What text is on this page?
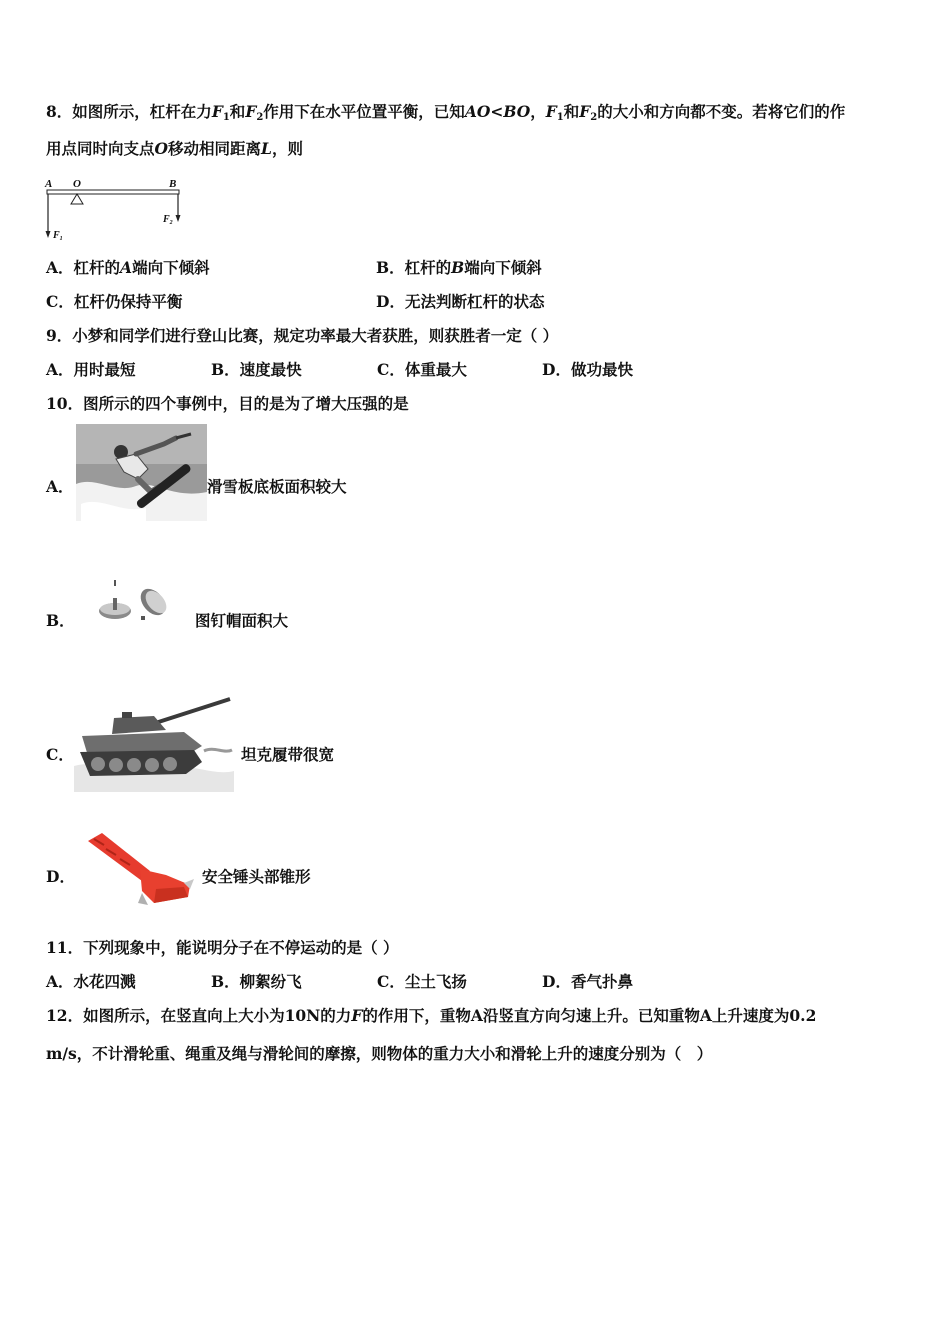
8．如图所示，杠杆在力$F_1$和$F_2$作用下在水平位置平衡，已知AO<BO，$F_1$和$F_2$的大小和方向都不变。若将它们的作
用点同时向支点O移动相同距离L，则
A O	B
$F_1$
$F_2$
A．杠杆的A端向下倾斜	B．杠杆的B端向下倾斜
C．杠杆仍保持平衡	D．无法判断杠杆的状态
9．小梦和同学们进行登山比赛，规定功率最大者获胜，则获胜者一定（ ）
A．用时最短	B．速度最快	C．体重最大	D．做功最快
10．图所示的四个事例中，目的是为了增大压强的是
A．	滑雪板底板面积较大
B．	图钉帽面积大
C．	坦克履带很宽
D．	安全锤头部锥形
11．下列现象中，能说明分子在不停运动的是（ ）
A．水花四溅	B．柳絮纷飞	C．尘土飞扬	D．香气扑鼻
12．如图所示，在竖直向上大小为10N的力F的作用下，重物A沿竖直方向匀速上升。已知重物A上升速度为0.2
m/s，不计滑轮重、绳重及绳与滑轮间的摩擦，则物体的重力大小和滑轮上升的速度分别为（　）
